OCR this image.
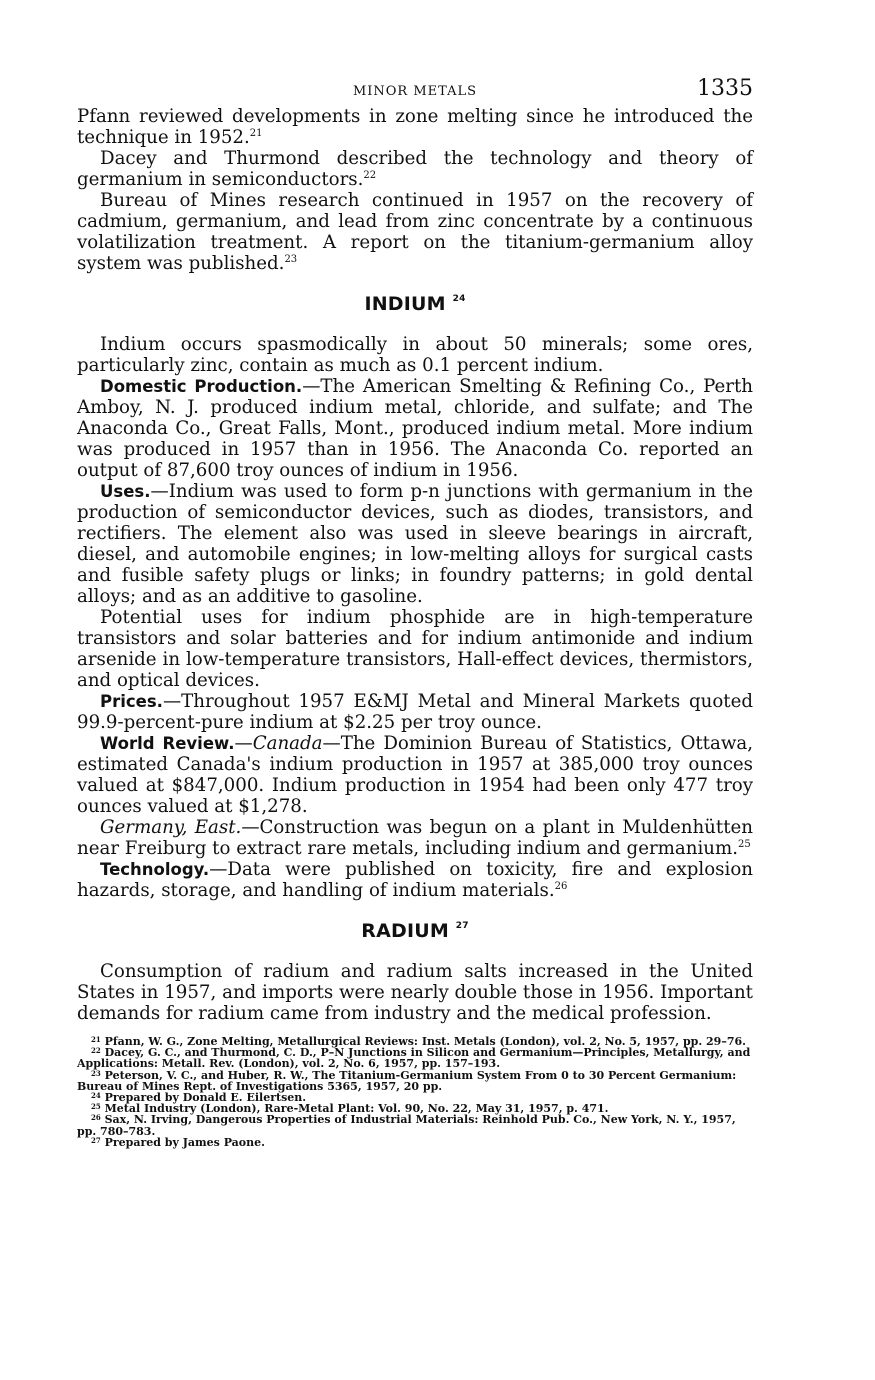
MINOR METALS	1335

Pfann reviewed developments in zone melting since he introduced the technique in 1952.21

Dacey and Thurmond described the technology and theory of germanium in semiconductors.$^{22}$

Bureau of Mines research continued in 1957 on the recovery of cadmium, germanium, and lead from zinc concentrate by a continuous volatilization treatment. A report on the titanium-germanium alloy system was published.$^{23}$

INDIUM $^{24}$

Indium occurs spasmodically in about 50 minerals; some ores, particularly zinc, contain as much as 0.1 percent indium.

Domestic Production.—The American Smelting & Refining Co., Perth Amboy, N. J. produced indium metal, chloride, and sulfate; and The Anaconda Co., Great Falls, Mont., produced indium metal. More indium was produced in 1957 than in 1956. The Anaconda Co. reported an output of 87,600 troy ounces of indium in 1956.

Uses.—Indium was used to form p-n junctions with germanium in the production of semiconductor devices, such as diodes, transistors, and rectifiers. The element also was used in sleeve bearings in aircraft, diesel, and automobile engines; in low-melting alloys for surgical casts and fusible safety plugs or links; in foundry patterns; in gold dental alloys; and as an additive to gasoline.

Potential uses for indium phosphide are in high-temperature transistors and solar batteries and for indium antimonide and indium arsenide in low-temperature transistors, Hall-effect devices, thermistors, and optical devices.

Prices.—Throughout 1957 E&MJ Metal and Mineral Markets quoted 99.9-percent-pure indium at $2.25 per troy ounce.

World Review.—Canada—The Dominion Bureau of Statistics, Ottawa, estimated Canada's indium production in 1957 at 385,000 troy ounces valued at $847,000. Indium production in 1954 had been only 477 troy ounces valued at $1,278.

Germany, East.—Construction was begun on a plant in Muldenhütten near Freiburg to extract rare metals, including indium and germanium.$^{25}$

Technology.—Data were published on toxicity, fire and explosion hazards, storage, and handling of indium materials.$^{26}$

RADIUM $^{27}$

Consumption of radium and radium salts increased in the United States in 1957, and imports were nearly double those in 1956. Important demands for radium came from industry and the medical profession.

$^{21}$ Pfann, W. G., Zone Melting, Metallurgical Reviews: Inst. Metals (London), vol. 2, No. 5, 1957, pp. 29–76.

$^{22}$ Dacey, G. C., and Thurmond, C. D., P–N Junctions in Silicon and Germanium—Principles, Metallurgy, and Applications: Metall. Rev. (London), vol. 2, No. 6, 1957, pp. 157–193.

$^{23}$ Peterson, V. C., and Huber, R. W., The Titanium-Germanium System From 0 to 30 Percent Germanium: Bureau of Mines Rept. of Investigations 5365, 1957, 20 pp.

$^{24}$ Prepared by Donald E. Eilertsen.

$^{25}$ Metal Industry (London), Rare-Metal Plant: Vol. 90, No. 22, May 31, 1957, p. 471.

$^{26}$ Sax, N. Irving, Dangerous Properties of Industrial Materials: Reinhold Pub. Co., New York, N. Y., 1957, pp. 780–783.

$^{27}$ Prepared by James Paone.
